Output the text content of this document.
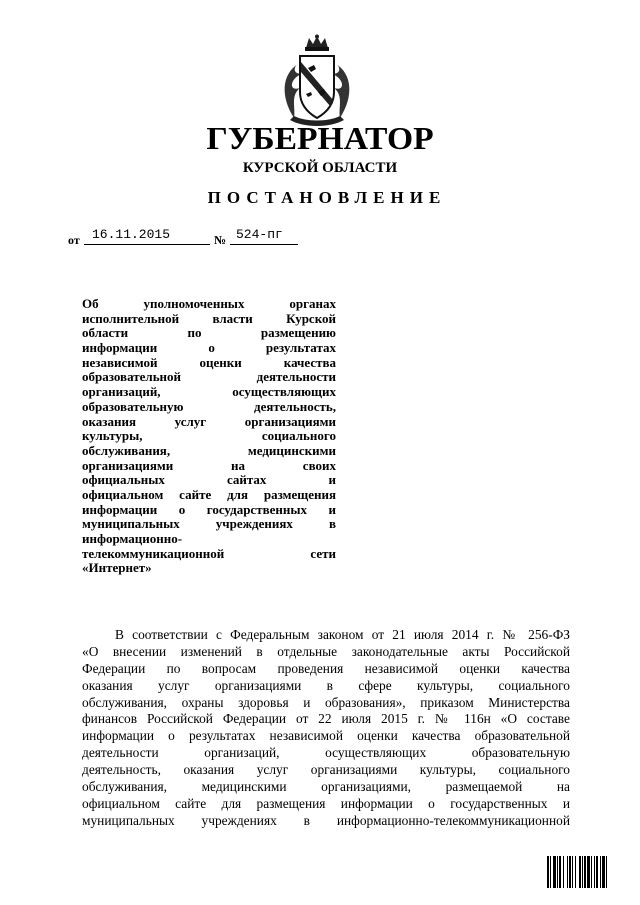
ГУБЕРНАТОР
КУРСКОЙ ОБЛАСТИ
ПОСТАНОВЛЕНИЕ
от 16.11.2015	№ 524-пг
Об уполномоченных органах
исполнительной власти Курской
области по размещению
информации о результатах
независимой оценки качества
образовательной деятельности
организаций, осуществляющих
образовательную деятельность,
оказания услуг организациями
культуры, социального
обслуживания, медицинскими
организациями на своих
официальных сайтах и
официальном сайте для размещения
информации о государственных и
муниципальных учреждениях в
информационно-
телекоммуникационной сети
«Интернет»
В соответствии с Федеральным законом от 21 июля 2014 г. № 256-ФЗ
«О внесении изменений в отдельные законодательные акты Российской
Федерации по вопросам проведения независимой оценки качества
оказания услуг организациями в сфере культуры, социального
обслуживания, охраны здоровья и образования», приказом Министерства
финансов Российской Федерации от 22 июля 2015 г. № 116н «О составе
информации о результатах независимой оценки качества образовательной
деятельности организаций, осуществляющих образовательную
деятельность, оказания услуг организациями культуры, социального
обслуживания, медицинскими организациями, размещаемой на
официальном сайте для размещения информации о государственных и
муниципальных учреждениях в информационно-телекоммуникационной
